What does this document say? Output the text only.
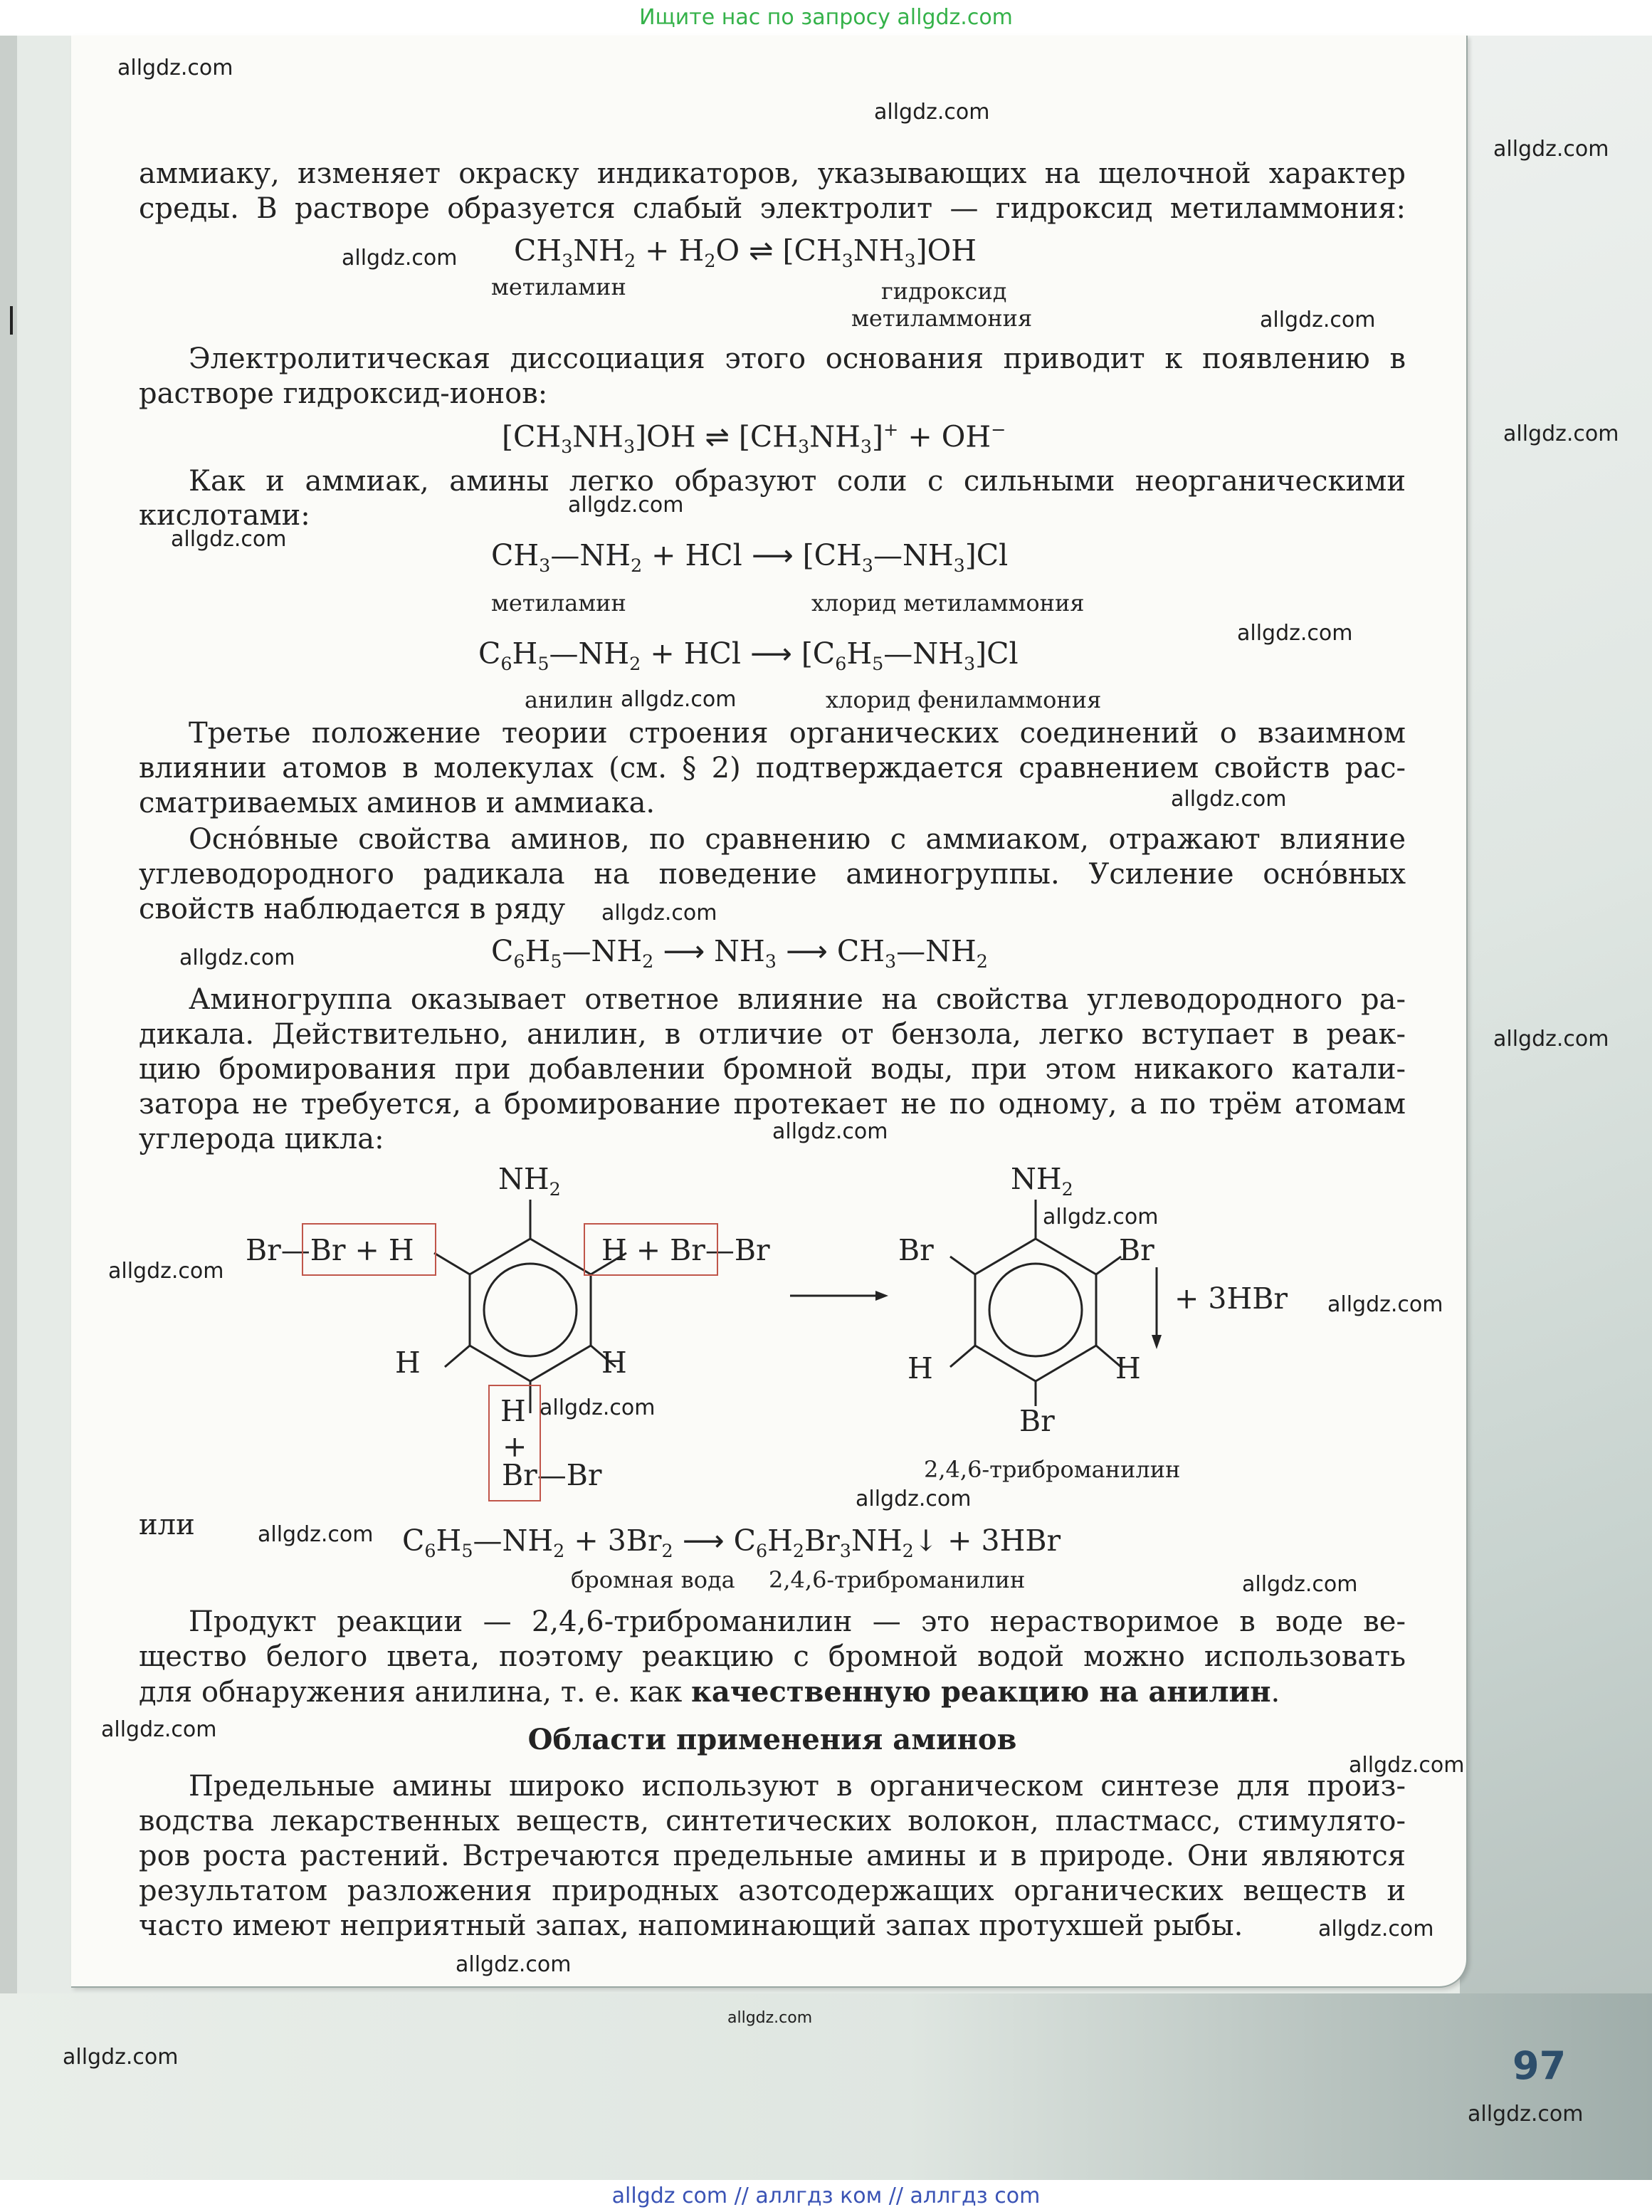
Ищите нас по запросу allgdz.com
аммиаку, изменяет окраску индикаторов, указывающих на щелочной характер
среды. В растворе образуется слабый электролит — гидроксид метиламмония:
$CH_3NH_2 + H_2O$ ⇌ $[CH_3NH_3]OH$
метиламин	гидроксид
метиламмония
Электролитическая диссоциация этого основания приводит к появлению в
растворе гидроксид-ионов:
$[CH_3NH_3]OH$ ⇌ $[CH_3NH_3]^+ + OH^-$
Как и аммиак, амины легко образуют соли с сильными неорганическими
кислотами:
$CH_3—NH_2$ + HCl ⟶ $[CH_3—NH_3]Cl$
метиламин	хлорид метиламмония
$C_6H_5—NH_2$ + HCl ⟶ $[C_6H_5—NH_3]Cl$
анилин	хлорид фениламмония
Третье положение теории строения органических соединений о взаимном
влиянии атомов в молекулах (см. § 2) подтверждается сравнением свойств рас-
сматриваемых аминов и аммиака.
Оснóвные свойства аминов, по сравнению с аммиаком, отражают влияние
углеводородного радикала на поведение аминогруппы. Усиление оснóвных
свойств наблюдается в ряду
$C_6H_5—NH_2$ ⟶ $NH_3$ ⟶ $CH_3—NH_2$
Аминогруппа оказывает ответное влияние на свойства углеводородного ра-
дикала. Действительно, анилин, в отличие от бензола, легко вступает в реак-
цию бромирования при добавлении бромной воды, при этом никакого катали-
затора не требуется, а бромирование протекает не по одному, а по трём атомам
углерода цикла:
$NH_2$
Br—Br + H	H + Br—Br
H	H
H
+
Br—Br
$NH_2$
Br	Br
H	H
Br
+ 3HBr
2,4,6-триброманилин
или	$C_6H_5—NH_2 + 3Br_2$ ⟶ $C_6H_2Br_3NH_2↓ + 3HBr$
бромная вода 2,4,6-триброманилин
Продукт реакции — 2,4,6-триброманилин — это нерастворимое в воде ве-
щество белого цвета, поэтому реакцию с бромной водой можно использовать
для обнаружения анилина, т. е. как качественную реакцию на анилин.
Области применения аминов
Предельные амины широко используют в органическом синтезе для произ-
водства лекарственных веществ, синтетических волокон, пластмасс, стимулято-
ров роста растений. Встречаются предельные амины и в природе. Они являются
результатом разложения природных азотсодержащих органических веществ и
часто имеют неприятный запах, напоминающий запах протухшей рыбы.
97
allgdz.com
allgdz.com
allgdz.com
allgdz.com
allgdz.com
allgdz.com
allgdz.com
allgdz.com
allgdz.com
allgdz.com
allgdz.com
allgdz.com
allgdz.com
allgdz.com
allgdz.com
allgdz.com
allgdz.com
allgdz.com
allgdz.com
allgdz.com
allgdz.com
allgdz.com
allgdz.com
allgdz.com
allgdz.com
allgdz.com
allgdz.com
allgdz.com
allgdz.com
allgdz com // аллгдз ком // аллгдз com
